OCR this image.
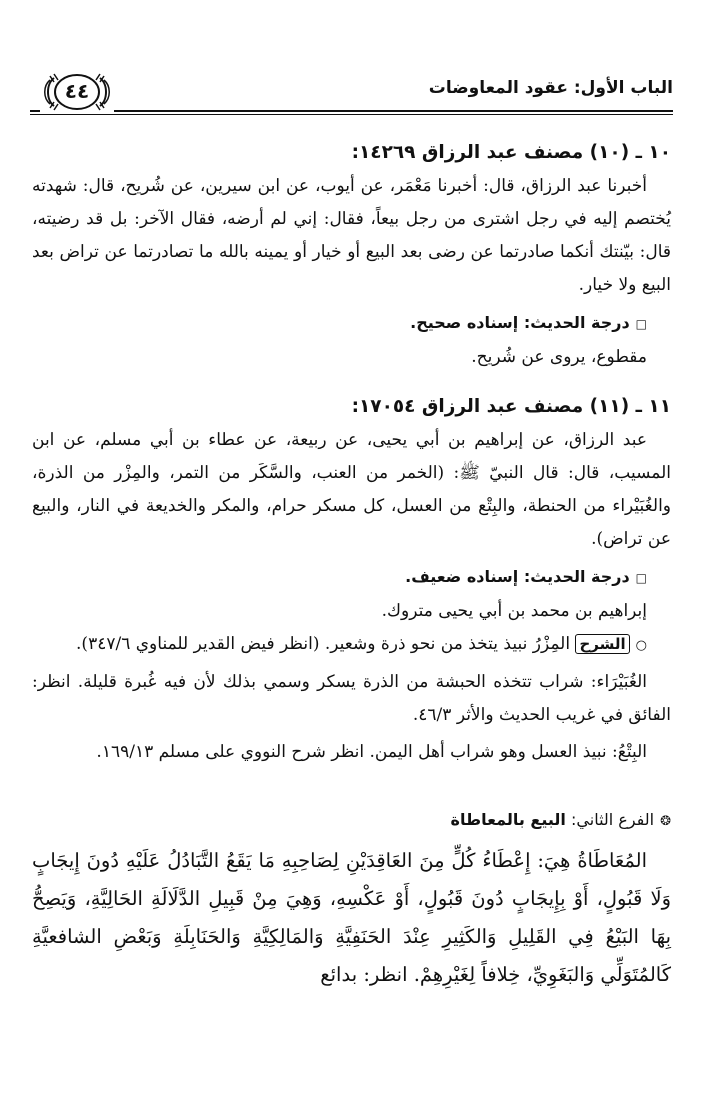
الباب الأول: عقود المعاوضات
٤٤

١٠ ـ (١٠) مصنف عبد الرزاق ١٤٢٦٩:

أخبرنا عبد الرزاق، قال: أخبرنا مَعْمَر، عن أيوب، عن ابن سيرين، عن شُريح، قال: شهدته يُختصم إليه في رجل اشترى من رجل بيعاً، فقال: إني لم أرضه، فقال الآخر: بل قد رضيته، قال: بيّنتك أنكما صادرتما عن رضى بعد البيع أو خيار أو يمينه بالله ما تصادرتما عن تراض بعد البيع ولا خيار.

□درجة الحديث: إسناده صحيح.

مقطوع، يروى عن شُريح.

١١ ـ (١١) مصنف عبد الرزاق ١٧٠٥٤:

عبد الرزاق، عن إبراهيم بن أبي يحيى، عن ربيعة، عن عطاء بن أبي مسلم، عن ابن المسيب، قال: قال النبيّ ﷺ: (الخمر من العنب، والسَّكَر من التمر، والمِزْر من الذرة، والغُبَيْراء من الحنطة، والبِتْع من العسل، كل مسكر حرام، والمكر والخديعة في النار، والبيع عن تراض).

□درجة الحديث: إسناده ضعيف.

إبراهيم بن محمد بن أبي يحيى متروك.

○الشرح المِزْرُ نبيذ يتخذ من نحو ذرة وشعير. (انظر فيض القدير للمناوي ٣٤٧/٦).

الغُبَيْرَاء: شراب تتخذه الحبشة من الذرة يسكر وسمي بذلك لأن فيه غُبرة قليلة. انظر: الفائق في غريب الحديث والأثر ٤٦/٣.

البِتْعُ: نبيذ العسل وهو شراب أهل اليمن. انظر شرح النووي على مسلم ١٦٩/١٣.

❂الفرع الثاني: البيع بالمعاطاة

المُعَاطَاةُ هِيَ: إِعْطَاءُ كُلٍّ مِنَ العَاقِدَيْنِ لِصَاحِبِهِ مَا يَقَعُ التَّبَادُلُ عَلَيْهِ دُونَ إِيجَابٍ وَلَا قَبُولٍ، أَوْ بِإِيجَابٍ دُونَ قَبُولٍ، أَوْ عَكْسِهِ، وَهِيَ مِنْ قَبِيلِ الدَّلَالَةِ الحَالِيَّةِ، وَيَصِحُّ بِهَا البَيْعُ فِي القَلِيلِ وَالكَثِيرِ عِنْدَ الحَنَفِيَّةِ وَالمَالِكِيَّةِ وَالحَنَابِلَةِ وَبَعْضِ الشافعيَّةِ كَالمُتَوَلِّي وَالبَغَوِيِّ، خِلافاً لِغَيْرِهِمْ. انظر: بدائع
